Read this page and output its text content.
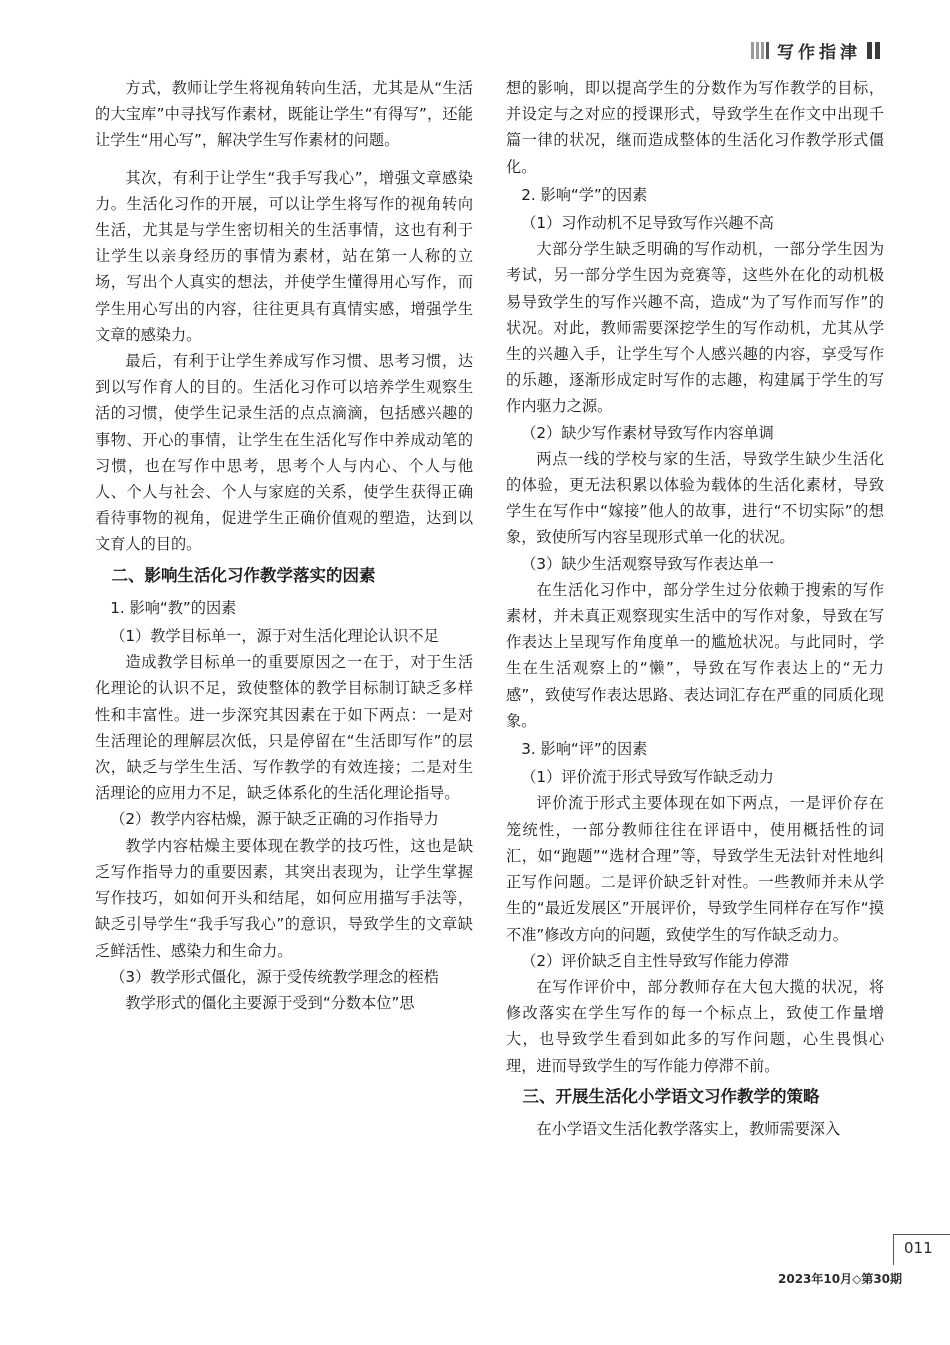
写作指津

方式，教师让学生将视角转向生活，尤其是从“生活的大宝库”中寻找写作素材，既能让学生“有得写”，还能让学生“用心写”，解决学生写作素材的问题。

其次，有利于让学生“我手写我心”，增强文章感染力。生活化习作的开展，可以让学生将写作的视角转向生活，尤其是与学生密切相关的生活事情，这也有利于让学生以亲身经历的事情为素材，站在第一人称的立场，写出个人真实的想法，并使学生懂得用心写作，而学生用心写出的内容，往往更具有真情实感，增强学生文章的感染力。

最后，有利于让学生养成写作习惯、思考习惯，达到以写作育人的目的。生活化习作可以培养学生观察生活的习惯，使学生记录生活的点点滴滴，包括感兴趣的事物、开心的事情，让学生在生活化写作中养成动笔的习惯，也在写作中思考，思考个人与内心、个人与他人、个人与社会、个人与家庭的关系，使学生获得正确看待事物的视角，促进学生正确价值观的塑造，达到以文育人的目的。

二、影响生活化习作教学落实的因素

1. 影响“教”的因素

（1）教学目标单一，源于对生活化理论认识不足

造成教学目标单一的重要原因之一在于，对于生活化理论的认识不足，致使整体的教学目标制订缺乏多样性和丰富性。进一步深究其因素在于如下两点：一是对生活理论的理解层次低，只是停留在“生活即写作”的层次，缺乏与学生生活、写作教学的有效连接；二是对生活理论的应用力不足，缺乏体系化的生活化理论指导。

（2）教学内容枯燥，源于缺乏正确的习作指导力

教学内容枯燥主要体现在教学的技巧性，这也是缺乏写作指导力的重要因素，其突出表现为，让学生掌握写作技巧，如如何开头和结尾，如何应用描写手法等，缺乏引导学生“我手写我心”的意识，导致学生的文章缺乏鲜活性、感染力和生命力。

（3）教学形式僵化，源于受传统教学理念的桎梏

教学形式的僵化主要源于受到“分数本位”思

想的影响，即以提高学生的分数作为写作教学的目标，并设定与之对应的授课形式，导致学生在作文中出现千篇一律的状况，继而造成整体的生活化习作教学形式僵化。

2. 影响“学”的因素

（1）习作动机不足导致写作兴趣不高

大部分学生缺乏明确的写作动机，一部分学生因为考试，另一部分学生因为竞赛等，这些外在化的动机极易导致学生的写作兴趣不高，造成“为了写作而写作”的状况。对此，教师需要深挖学生的写作动机，尤其从学生的兴趣入手，让学生写个人感兴趣的内容，享受写作的乐趣，逐渐形成定时写作的志趣，构建属于学生的写作内驱力之源。

（2）缺少写作素材导致写作内容单调

两点一线的学校与家的生活，导致学生缺少生活化的体验，更无法积累以体验为载体的生活化素材，导致学生在写作中“嫁接”他人的故事，进行“不切实际”的想象，致使所写内容呈现形式单一化的状况。

（3）缺少生活观察导致写作表达单一

在生活化习作中，部分学生过分依赖于搜索的写作素材，并未真正观察现实生活中的写作对象，导致在写作表达上呈现写作角度单一的尴尬状况。与此同时，学生在生活观察上的“懒”，导致在写作表达上的“无力感”，致使写作表达思路、表达词汇存在严重的同质化现象。

3. 影响“评”的因素

（1）评价流于形式导致写作缺乏动力

评价流于形式主要体现在如下两点，一是评价存在笼统性，一部分教师往往在评语中，使用概括性的词汇，如“跑题”“选材合理”等，导致学生无法针对性地纠正写作问题。二是评价缺乏针对性。一些教师并未从学生的“最近发展区”开展评价，导致学生同样存在写作“摸不准”修改方向的问题，致使学生的写作缺乏动力。

（2）评价缺乏自主性导致写作能力停滞

在写作评价中，部分教师存在大包大揽的状况，将修改落实在学生写作的每一个标点上，致使工作量增大，也导致学生看到如此多的写作问题，心生畏惧心理，进而导致学生的写作能力停滞不前。

三、开展生活化小学语文习作教学的策略

在小学语文生活化教学落实上，教师需要深入

011
2023年10月◇第30期
